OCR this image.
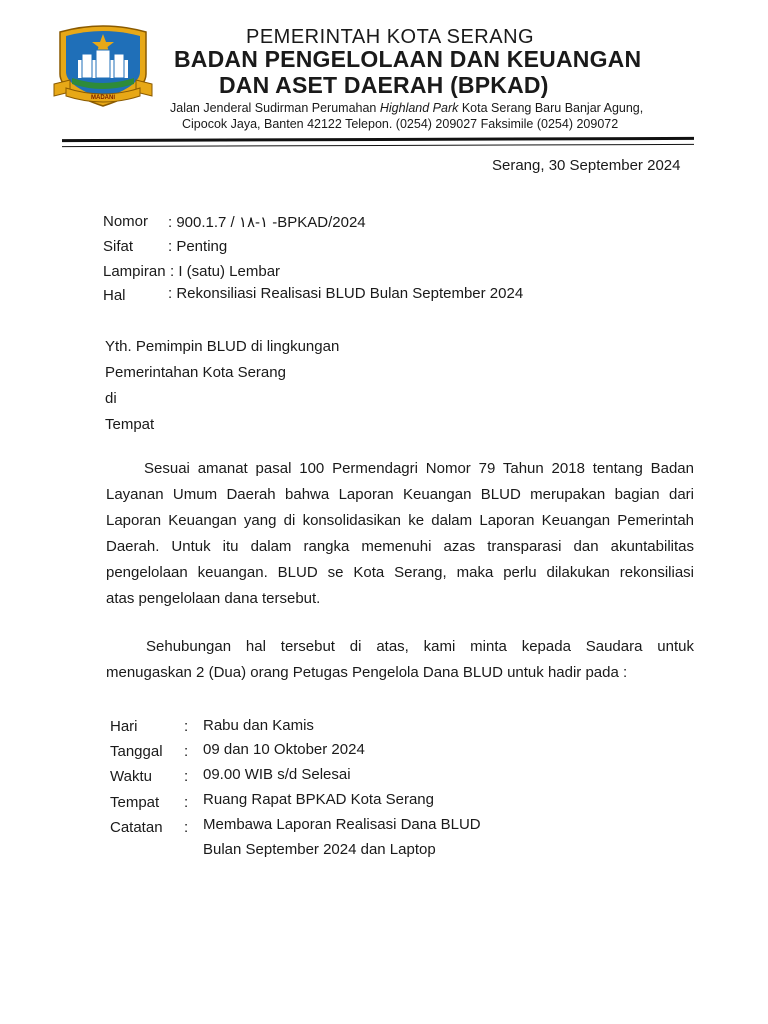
MADANI
PEMERINTAH KOTA SERANG
BADAN PENGELOLAAN DAN KEUANGAN
DAN ASET DAERAH (BPKAD)
Jalan Jenderal Sudirman Perumahan Highland Park Kota Serang Baru Banjar Agung,
Cipocok Jaya, Banten 42122 Telepon. (0254) 209027 Faksimile (0254) 209072
Serang, 30 September 2024
Nomor : 900.1.7 / ١۸-١ -BPKAD/2024
Sifat : Penting
Lampiran : I (satu) Lembar
Hal	: Rekonsiliasi Realisasi BLUD Bulan September 2024
Yth. Pemimpin BLUD di lingkungan
Pemerintahan Kota Serang
di
Tempat
Sesuai amanat pasal 100 Permendagri Nomor 79 Tahun 2018 tentang Badan
Layanan Umum Daerah bahwa Laporan Keuangan BLUD merupakan bagian dari
Laporan Keuangan yang di konsolidasikan ke dalam Laporan Keuangan Pemerintah
Daerah. Untuk itu dalam rangka memenuhi azas transparasi dan akuntabilitas
pengelolaan keuangan. BLUD se Kota Serang, maka perlu dilakukan rekonsiliasi
atas pengelolaan dana tersebut.
Sehubungan hal tersebut di atas, kami minta kepada Saudara untuk
menugaskan 2 (Dua) orang Petugas Pengelola Dana BLUD untuk hadir pada :
Hari	: Rabu dan Kamis
Tanggal : 09 dan 10 Oktober 2024
Waktu : 09.00 WIB s/d Selesai
Tempat : Ruang Rapat BPKAD Kota Serang
Catatan : Membawa Laporan Realisasi Dana BLUD
Bulan September 2024 dan Laptop
